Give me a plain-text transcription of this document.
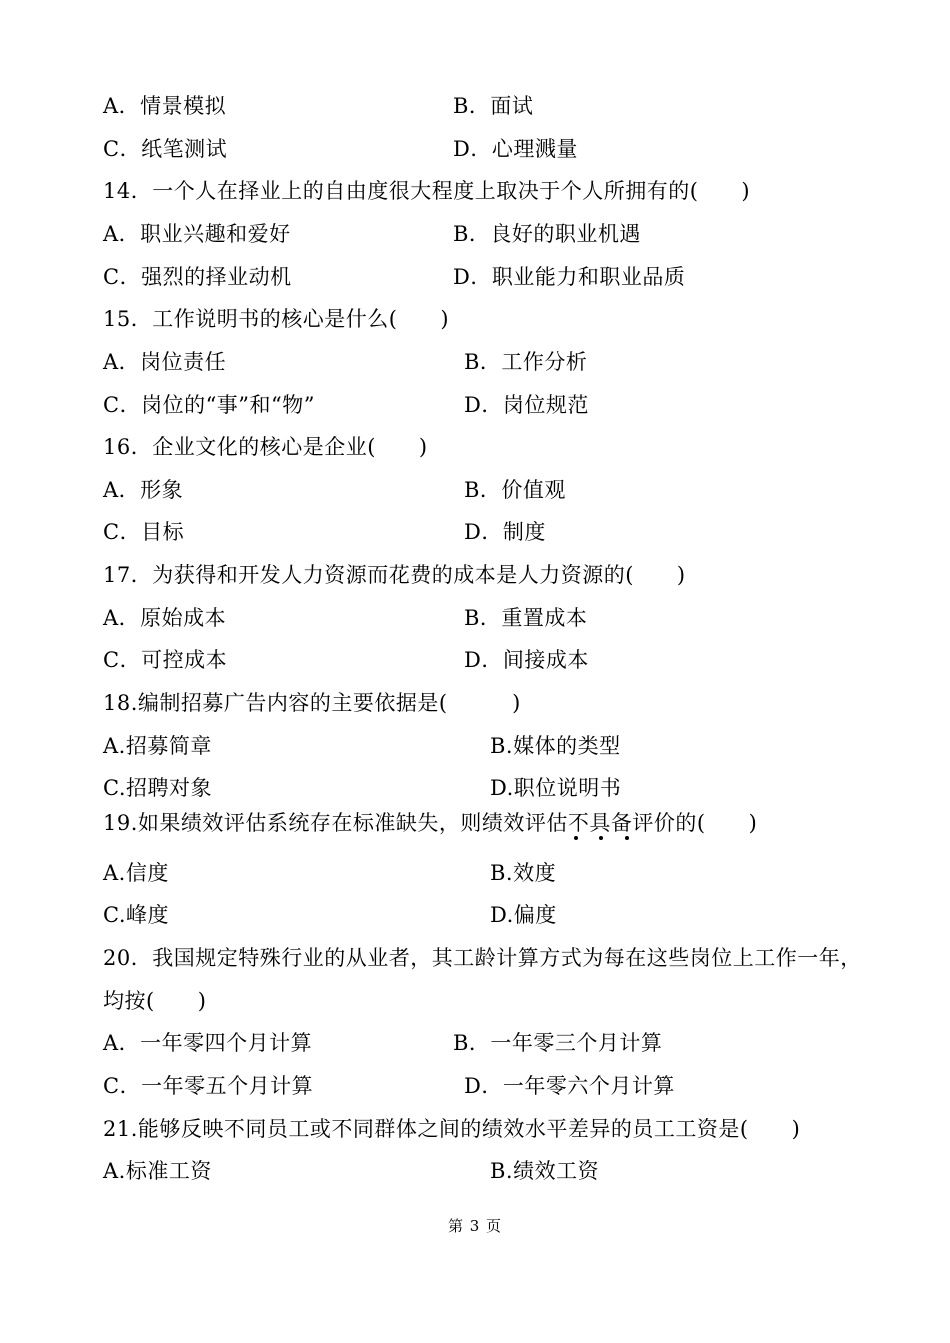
A．情景模拟	B．面试
C．纸笔测试	D．心理溅量
14．一个人在择业上的自由度很大程度上取决于个人所拥有的(　　)
A．职业兴趣和爱好	B．良好的职业机遇
C．强烈的择业动机	D．职业能力和职业品质
15．工作说明书的核心是什么(　　)
A．岗位责任	B．工作分析
C．岗位的“事”和“物”	D．岗位规范
16．企业文化的核心是企业(　　)
A．形象	B．价值观
C．目标	D．制度
17．为获得和开发人力资源而花费的成本是人力资源的(　　)
A．原始成本	B．重置成本
C．可控成本	D．间接成本
18.编制招募广告内容的主要依据是(　　　)
A.招募简章	B.媒体的类型
C.招聘对象	D.职位说明书
19.如果绩效评估系统存在标准缺失，则绩效评估不具备评价的(　　)
A.信度	B.效度
C.峰度	D.偏度
20．我国规定特殊行业的从业者，其工龄计算方式为每在这些岗位上工作一年，
均按(　　)
A．一年零四个月计算	B．一年零三个月计算
C．一年零五个月计算	D．一年零六个月计算
21.能够反映不同员工或不同群体之间的绩效水平差异的员工工资是(　　)
A.标准工资	B.绩效工资
第 3 页
